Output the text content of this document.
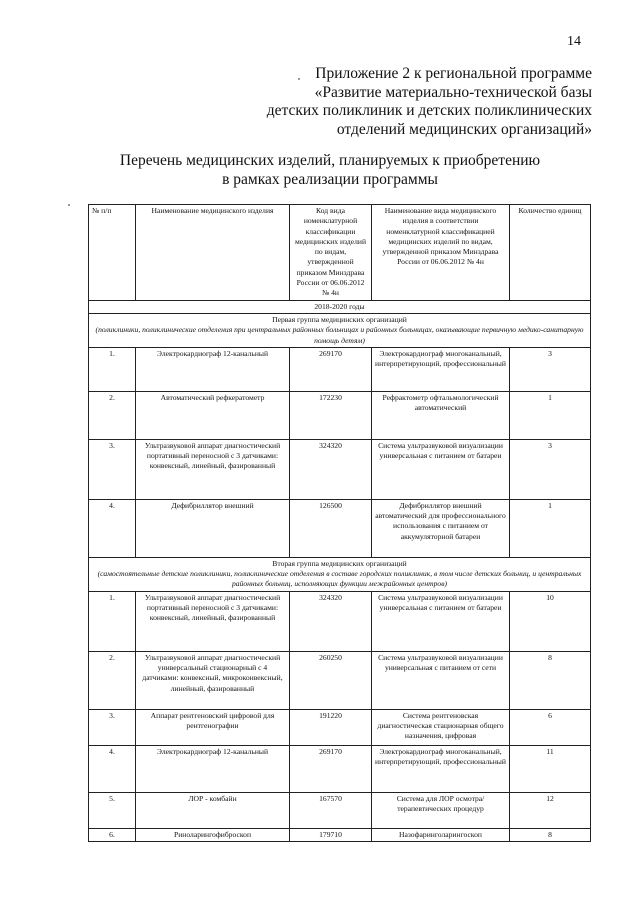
14
Приложение 2 к региональной программе
«Развитие материально-технической базы
детских поликлиник и детских поликлинических
отделений медицинских организаций»
Перечень медицинских изделий, планируемых к приобретению
в рамках реализации программы
№ п/п	Наименование медицинского изделия	Код вида номенклатурной классификации медицинских изделий по видам, утвержденной приказом Минздрава России от 06.06.2012 № 4н	Наименование вида медицинского изделия в соответствии номенклатурной классификацией медицинских изделий по видам, утвержденной приказом Минздрава России от 06.06.2012 № 4н	Количество единиц
2018-2020 годы				

Первая группа медицинских организаций
(поликлиники, поликлинические отделения при центральных районных больницах и районных больницах, оказывающие первичную медико-санитарную помощь детям)				

1.	Электрокардиограф 12-канальный	269170	Электрокардиограф многоканальный, интерпретирующий, профессиональный	3
2.	Автоматический рефкератометр	172230	Рефрактометр офтальмологический автоматический	1
3.	Ультразвуковой аппарат диагностический портативный переносной с 3 датчиками: конвексный, линейный, фазированный	324320	Система ультразвуковой визуализации универсальная с питанием от батареи	3
4.	Дефибриллятор внешний	126500	Дефибриллятор внешний автоматический для профессионального использования с питанием от аккумуляторной батареи	1

Вторая группа медицинских организаций
(самостоятельные детские поликлиники, поликлинические отделения в составе городских поликлиник, в том числе детских больниц, и центральных районных больниц, исполняющих функции межрайонных центров)				

1.	Ультразвуковой аппарат диагностический портативный переносной с 3 датчиками: конвексный, линейный, фазированный	324320	Система ультразвуковой визуализации универсальная с питанием от батареи	10
2.	Ультразвуковой аппарат диагностический универсальный стационарный с 4 датчиками: конвексный, микроконвексный, линейный, фазированный	260250	Система ультразвуковой визуализации универсальная с питанием от сети	8
3.	Аппарат рентгеновский цифровой для рентгенографии	191220	Система рентгеновская диагностическая стационарная общего назначения, цифровая	6
4.	Электрокардиограф 12-канальный	269170	Электрокардиограф многоканальный, интерпретирующий, профессиональный	11
5.	ЛОР - комбайн	167570	Система для ЛОР осмотра/терапевтических процедур	12
6.	Риноларингофиброскоп	179710	Назофаринголарингоскоп	8
